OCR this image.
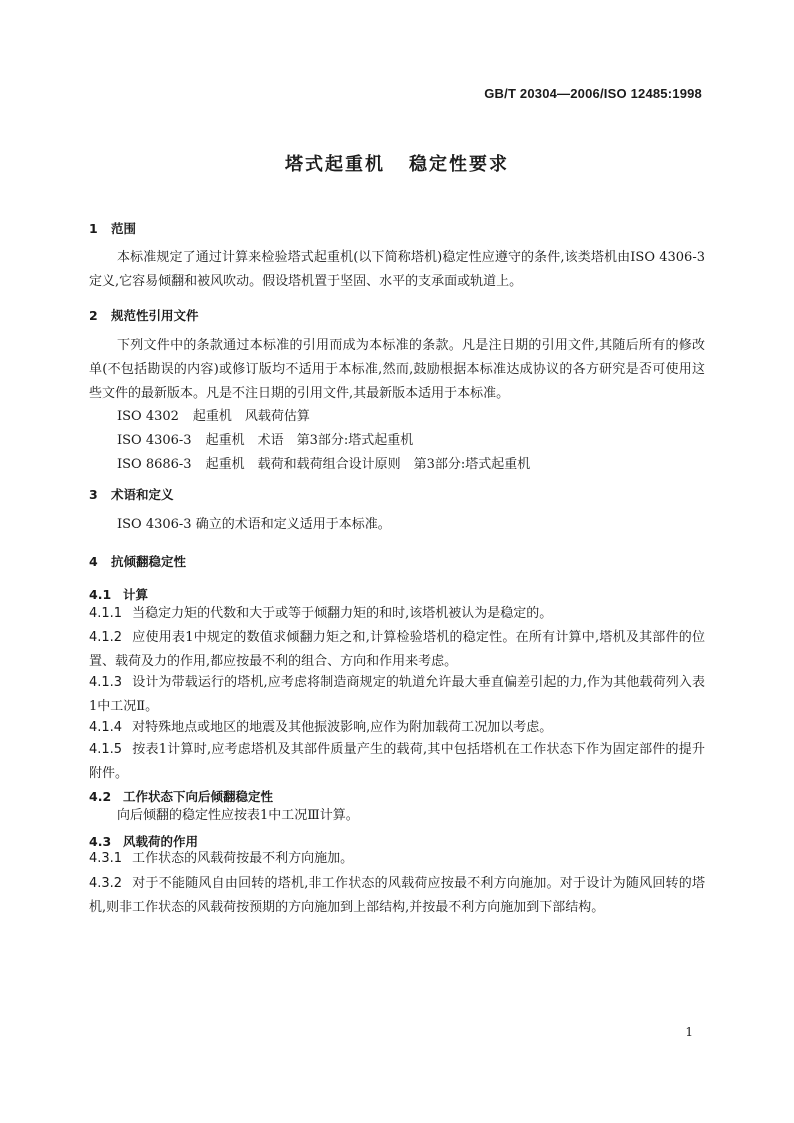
GB/T 20304—2006/ISO 12485:1998
塔式起重机 稳定性要求
1 范围
本标准规定了通过计算来检验塔式起重机(以下简称塔机)稳定性应遵守的条件,该类塔机由ISO 4306-3定义,它容易倾翻和被风吹动。假设塔机置于坚固、水平的支承面或轨道上。
2 规范性引用文件
下列文件中的条款通过本标准的引用而成为本标准的条款。凡是注日期的引用文件,其随后所有的修改单(不包括勘误的内容)或修订版均不适用于本标准,然而,鼓励根据本标准达成协议的各方研究是否可使用这些文件的最新版本。凡是不注日期的引用文件,其最新版本适用于本标准。
ISO 4302 起重机　风载荷估算
ISO 4306-3 起重机　术语　第3部分:塔式起重机
ISO 8686-3 起重机　载荷和载荷组合设计原则　第3部分:塔式起重机
3 术语和定义
ISO 4306-3 确立的术语和定义适用于本标准。
4 抗倾翻稳定性
4.1 计算
4.1.1 当稳定力矩的代数和大于或等于倾翻力矩的和时,该塔机被认为是稳定的。
4.1.2 应使用表1中规定的数值求倾翻力矩之和,计算检验塔机的稳定性。在所有计算中,塔机及其部件的位置、载荷及力的作用,都应按最不利的组合、方向和作用来考虑。
4.1.3 设计为带载运行的塔机,应考虑将制造商规定的轨道允许最大垂直偏差引起的力,作为其他载荷列入表1中工况Ⅱ。
4.1.4 对特殊地点或地区的地震及其他振波影响,应作为附加载荷工况加以考虑。
4.1.5 按表1计算时,应考虑塔机及其部件质量产生的载荷,其中包括塔机在工作状态下作为固定部件的提升附件。
4.2 工作状态下向后倾翻稳定性
向后倾翻的稳定性应按表1中工况Ⅲ计算。
4.3 风载荷的作用
4.3.1 工作状态的风载荷按最不利方向施加。
4.3.2 对于不能随风自由回转的塔机,非工作状态的风载荷应按最不利方向施加。对于设计为随风回转的塔机,则非工作状态的风载荷按预期的方向施加到上部结构,并按最不利方向施加到下部结构。
1
